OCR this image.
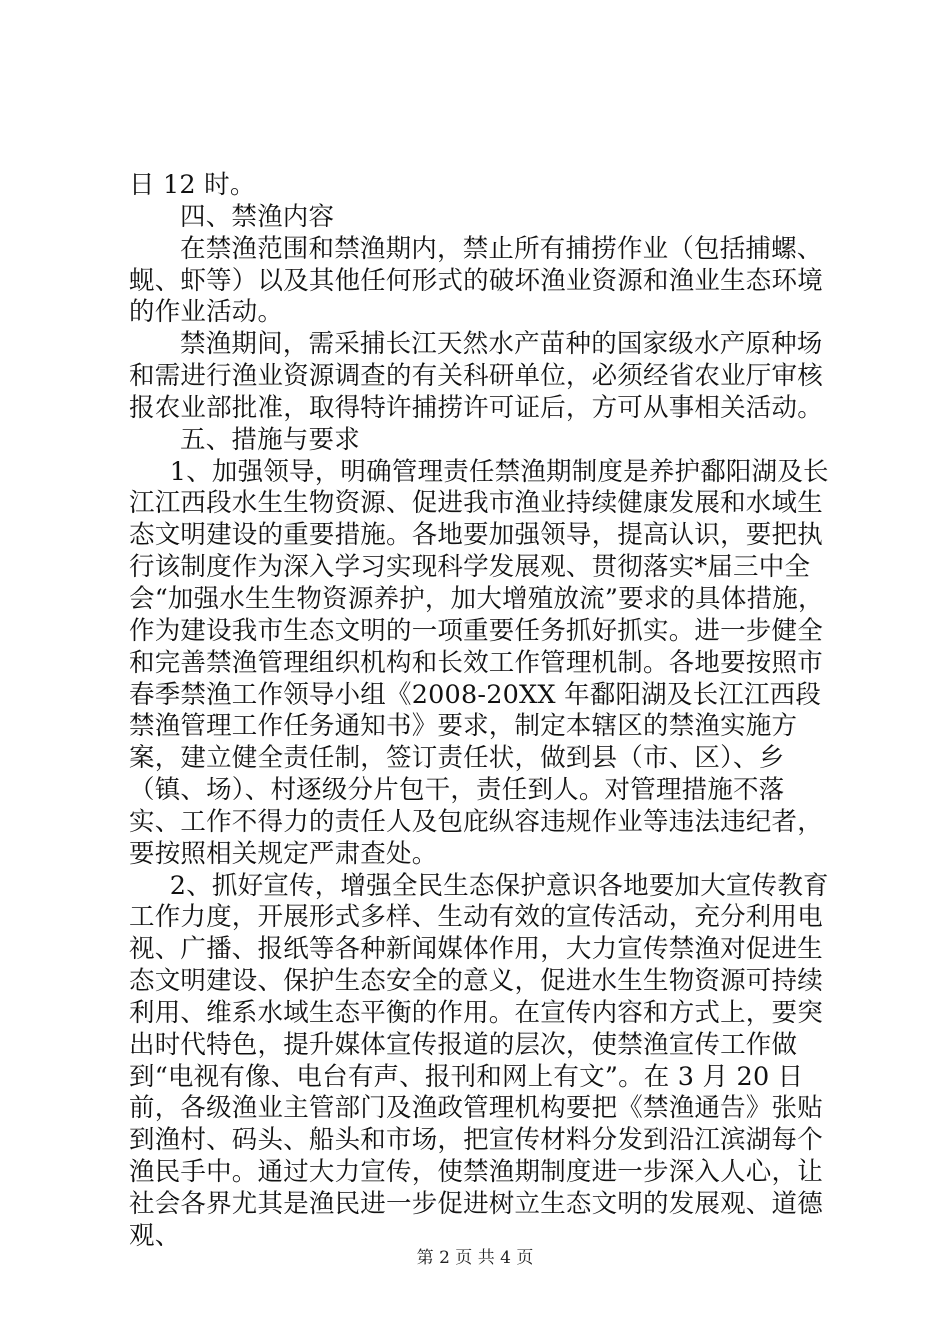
日 12 时。

四、禁渔内容

在禁渔范围和禁渔期内，禁止所有捕捞作业（包括捕螺、蚬、虾等）以及其他任何形式的破坏渔业资源和渔业生态环境的作业活动。

禁渔期间，需采捕长江天然水产苗种的国家级水产原种场和需进行渔业资源调查的有关科研单位，必须经省农业厅审核报农业部批准，取得特许捕捞许可证后，方可从事相关活动。

五、措施与要求

1、加强领导，明确管理责任禁渔期制度是养护鄱阳湖及长江江西段水生生物资源、促进我市渔业持续健康发展和水域生态文明建设的重要措施。各地要加强领导，提高认识，要把执行该制度作为深入学习实现科学发展观、贯彻落实*届三中全会“加强水生生物资源养护，加大增殖放流”要求的具体措施，作为建设我市生态文明的一项重要任务抓好抓实。进一步健全和完善禁渔管理组织机构和长效工作管理机制。各地要按照市春季禁渔工作领导小组《2008-20XX 年鄱阳湖及长江江西段禁渔管理工作任务通知书》要求，制定本辖区的禁渔实施方案，建立健全责任制，签订责任状，做到县（市、区）、乡（镇、场）、村逐级分片包干，责任到人。对管理措施不落实、工作不得力的责任人及包庇纵容违规作业等违法违纪者，要按照相关规定严肃查处。

2、抓好宣传，增强全民生态保护意识各地要加大宣传教育工作力度，开展形式多样、生动有效的宣传活动，充分利用电视、广播、报纸等各种新闻媒体作用，大力宣传禁渔对促进生态文明建设、保护生态安全的意义，促进水生生物资源可持续利用、维系水域生态平衡的作用。在宣传内容和方式上，要突出时代特色，提升媒体宣传报道的层次，使禁渔宣传工作做到“电视有像、电台有声、报刊和网上有文”。在 3 月 20 日前，各级渔业主管部门及渔政管理机构要把《禁渔通告》张贴到渔村、码头、船头和市场，把宣传材料分发到沿江滨湖每个渔民手中。通过大力宣传，使禁渔期制度进一步深入人心，让社会各界尤其是渔民进一步促进树立生态文明的发展观、道德观、

第 2 页 共 4 页
